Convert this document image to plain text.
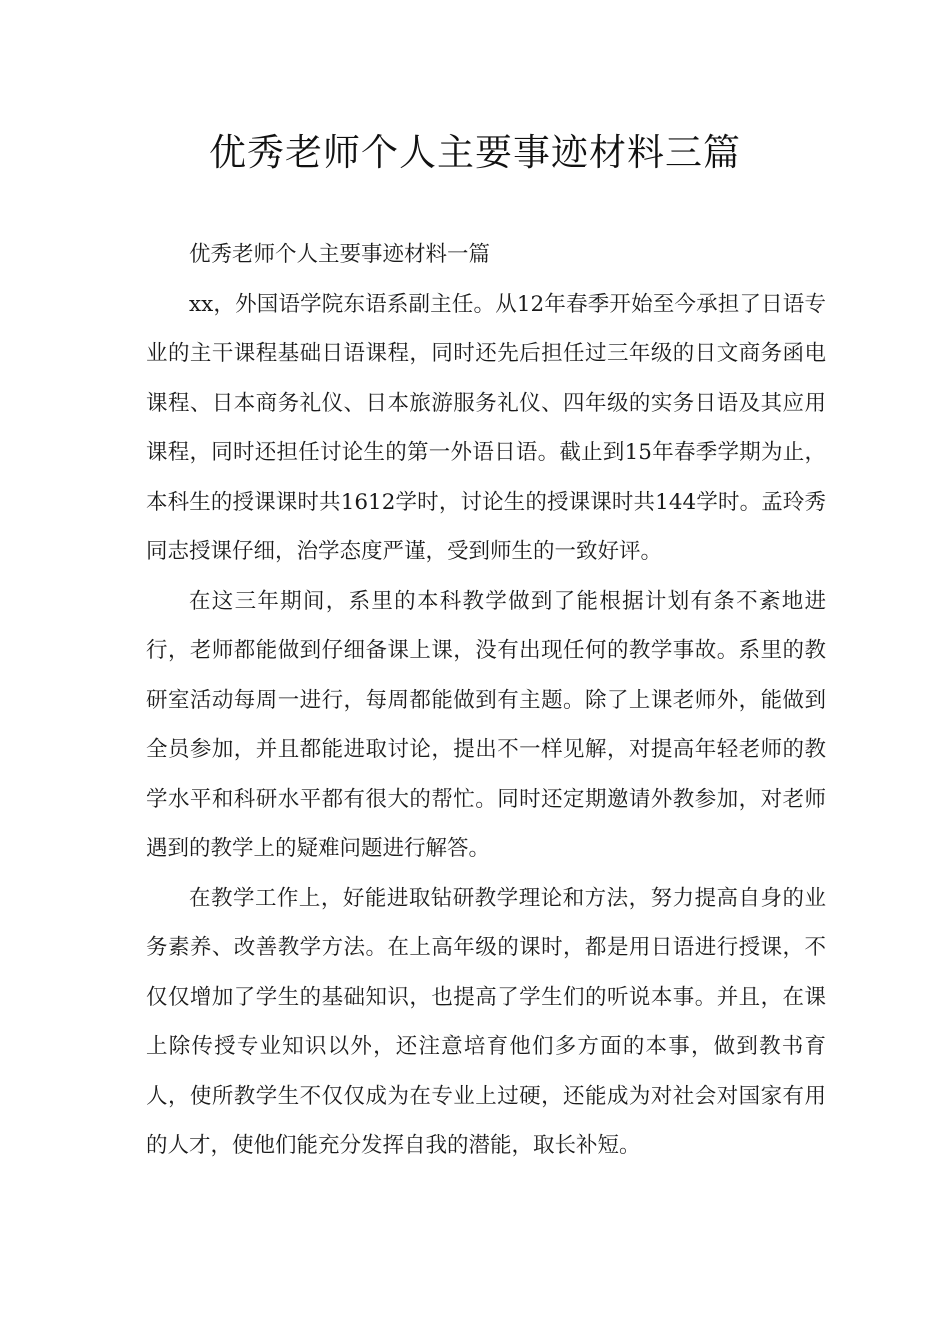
优秀老师个人主要事迹材料三篇

优秀老师个人主要事迹材料一篇

xx，外国语学院东语系副主任。从12年春季开始至今承担了日语专业的主干课程基础日语课程，同时还先后担任过三年级的日文商务函电课程、日本商务礼仪、日本旅游服务礼仪、四年级的实务日语及其应用课程，同时还担任讨论生的第一外语日语。截止到15年春季学期为止，本科生的授课课时共1612学时，讨论生的授课课时共144学时。孟玲秀同志授课仔细，治学态度严谨，受到师生的一致好评。

在这三年期间，系里的本科教学做到了能根据计划有条不紊地进行，老师都能做到仔细备课上课，没有出现任何的教学事故。系里的教研室活动每周一进行，每周都能做到有主题。除了上课老师外，能做到全员参加，并且都能进取讨论，提出不一样见解，对提高年轻老师的教学水平和科研水平都有很大的帮忙。同时还定期邀请外教参加，对老师遇到的教学上的疑难问题进行解答。

在教学工作上，好能进取钻研教学理论和方法，努力提高自身的业务素养、改善教学方法。在上高年级的课时，都是用日语进行授课，不仅仅增加了学生的基础知识，也提高了学生们的听说本事。并且，在课上除传授专业知识以外，还注意培育他们多方面的本事，做到教书育人，使所教学生不仅仅成为在专业上过硬，还能成为对社会对国家有用的人才，使他们能充分发挥自我的潜能，取长补短。
